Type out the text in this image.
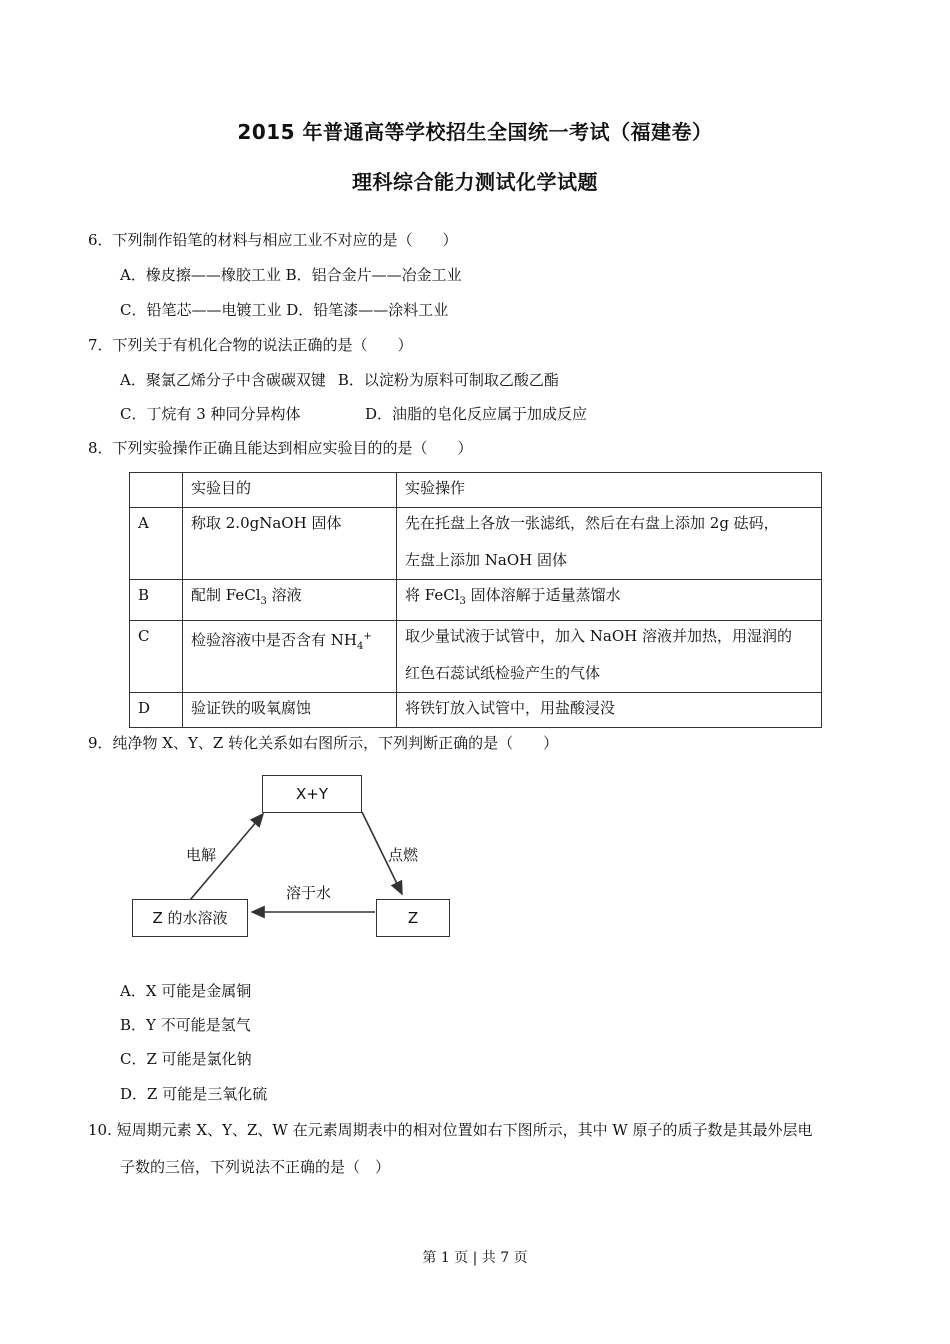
2015 年普通高等学校招生全国统一考试（福建卷）
理科综合能力测试化学试题
6．下列制作铅笔的材料与相应工业不对应的是（　　）
A．橡皮擦——橡胶工业 B．铝合金片——冶金工业
C．铅笔芯——电镀工业 D．铅笔漆——涂料工业
7．下列关于有机化合物的说法正确的是（　　）
A．聚氯乙烯分子中含碳碳双键 B．以淀粉为原料可制取乙酸乙酯
C．丁烷有 3 种同分异构体	D．油脂的皂化反应属于加成反应
8．下列实验操作正确且能达到相应实验目的的是（　　）

	实验目的	实验操作

A	称取 2.0gNaOH 固体	先在托盘上各放一张滤纸，然后在右盘上添加 2g 砝码，
左盘上添加 NaOH 固体

B	配制 FeCl$_3$ 溶液	将 FeCl$_3$ 固体溶解于适量蒸馏水

C	检验溶液中是否含有 $NH_4^+$	取少量试液于试管中，加入 NaOH 溶液并加热，用湿润的
红色石蕊试纸检验产生的气体

D	验证铁的吸氧腐蚀	将铁钉放入试管中，用盐酸浸没
9．纯净物 X、Y、Z 转化关系如右图所示，下列判断正确的是（　　）
X+Y
Z 的水溶液	Z
电解	点燃
溶于水
A．X 可能是金属铜
B．Y 不可能是氢气
C．Z 可能是氯化钠
D．Z 可能是三氧化硫
10. 短周期元素 X、Y、Z、W 在元素周期表中的相对位置如右下图所示，其中 W 原子的质子数是其最外层电
子数的三倍，下列说法不正确的是（　）
第 1 页 | 共 7 页
